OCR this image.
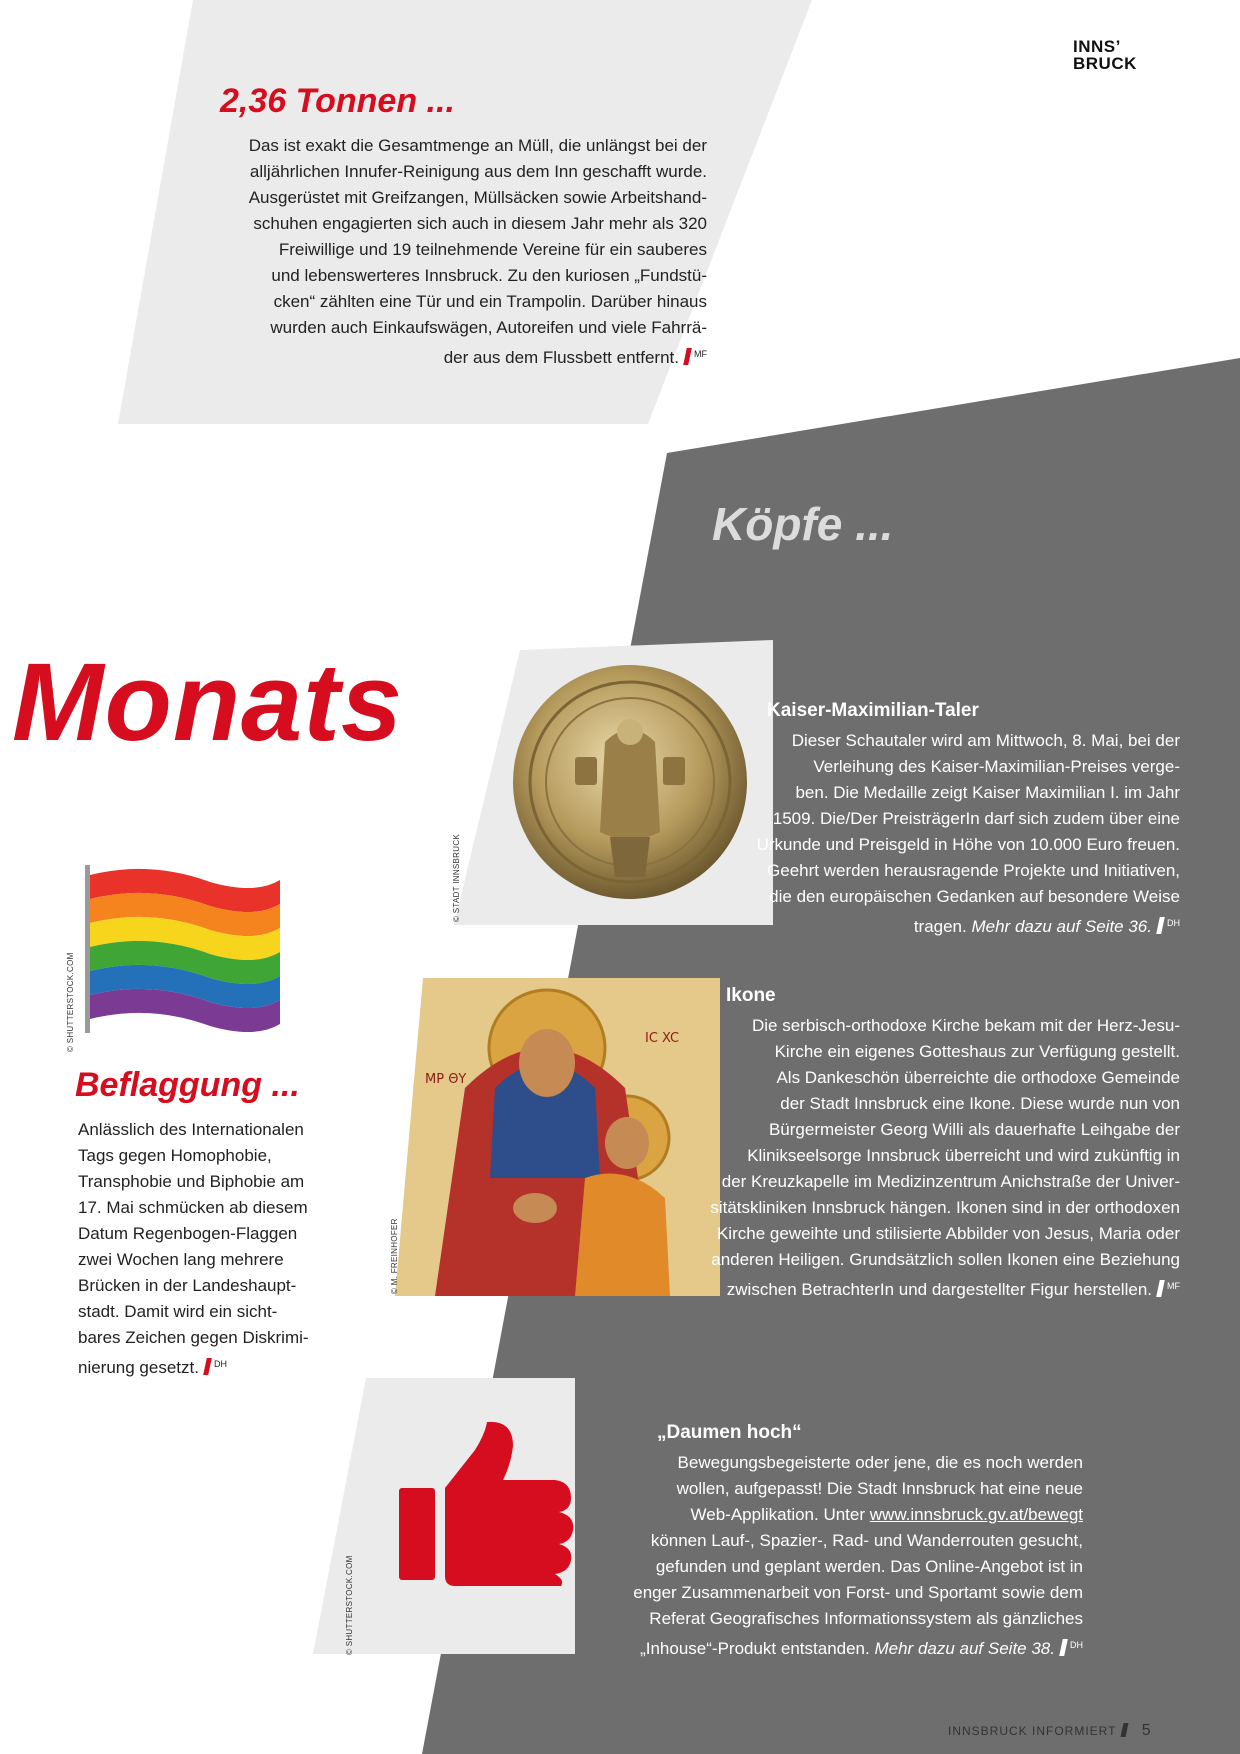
INNS’
BRUCK
2,36 Tonnen ...
Das ist exakt die Gesamtmenge an Müll, die unlängst bei der
alljährlichen Innufer-Reinigung aus dem Inn geschafft wurde.
Ausgerüstet mit Greifzangen, Müllsäcken sowie Arbeitshand-
schuhen engagierten sich auch in diesem Jahr mehr als 320
Freiwillige und 19 teilnehmende Vereine für ein sauberes
und lebenswerteres Innsbruck. Zu den kuriosen „Fundstü-
cken“ zählten eine Tür und ein Trampolin. Darüber hinaus
wurden auch Einkaufswägen, Autoreifen und viele Fahrrä-
der aus dem Flussbett entfernt. $^{MF}$
Köpfe ...
Monats
© STADT INNSBRUCK
Kaiser-Maximilian-Taler
Dieser Schautaler wird am Mittwoch, 8. Mai, bei der
Verleihung des Kaiser-Maximilian-Preises verge-
ben. Die Medaille zeigt Kaiser Maximilian I. im Jahr
1509. Die/Der PreisträgerIn darf sich zudem über eine
Urkunde und Preisgeld in Höhe von 10.000 Euro freuen.
Geehrt werden herausragende Projekte und Initiativen,
die den europäischen Gedanken auf besondere Weise
tragen. Mehr dazu auf Seite 36. $^{DH}$
© SHUTTERSTOCK.COM
Beflaggung ...
Anlässlich des Internationalen
Tags gegen Homophobie,
Transphobie und Biphobie am
17. Mai schmücken ab diesem
Datum Regenbogen-Flaggen
zwei Wochen lang mehrere
Brücken in der Landeshaupt-
stadt. Damit wird ein sicht-
bares Zeichen gegen Diskrimi-
nierung gesetzt. $^{DH}$
ΜΡ ΘΥ
IC XC
© M. FREINHOFER
Ikone
Die serbisch-orthodoxe Kirche bekam mit der Herz-Jesu-
Kirche ein eigenes Gotteshaus zur Verfügung gestellt.
Als Dankeschön überreichte die orthodoxe Gemeinde
der Stadt Innsbruck eine Ikone. Diese wurde nun von
Bürgermeister Georg Willi als dauerhafte Leihgabe der
Klinikseelsorge Innsbruck überreicht und wird zukünftig in
der Kreuzkapelle im Medizinzentrum Anichstraße der Univer-
sitätskliniken Innsbruck hängen. Ikonen sind in der orthodoxen
Kirche geweihte und stilisierte Abbilder von Jesus, Maria oder
anderen Heiligen. Grundsätzlich sollen Ikonen eine Beziehung
zwischen BetrachterIn und dargestellter Figur herstellen. $^{MF}$
© SHUTTERSTOCK.COM
„Daumen hoch“
Bewegungsbegeisterte oder jene, die es noch werden
wollen, aufgepasst! Die Stadt Innsbruck hat eine neue
Web-Applikation. Unter www.innsbruck.gv.at/bewegt
können Lauf-, Spazier-, Rad- und Wanderrouten gesucht,
gefunden und geplant werden. Das Online-Angebot ist in
enger Zusammenarbeit von Forst- und Sportamt sowie dem
Referat Geografisches Informationssystem als gänzliches
„Inhouse“-Produkt entstanden. Mehr dazu auf Seite 38. $^{DH}$
INNSBRUCK INFORMIERT 5
